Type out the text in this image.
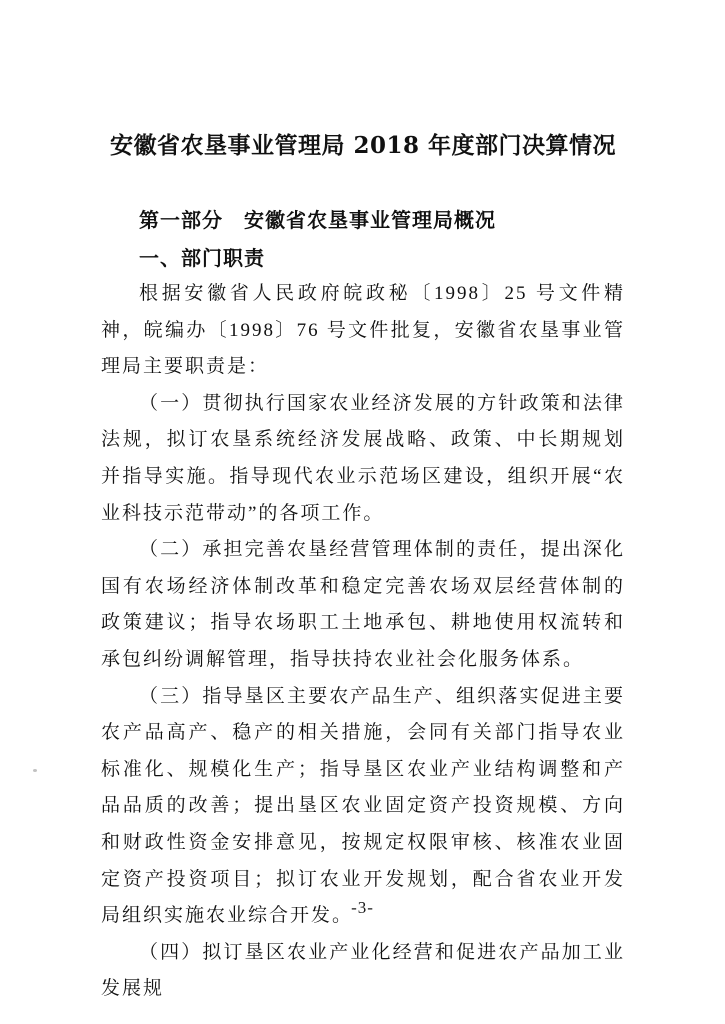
安徽省农垦事业管理局 2018 年度部门决算情况
第一部分　安徽省农垦事业管理局概况
一、部门职责

根据安徽省人民政府皖政秘〔1998〕25 号文件精神，皖编办〔1998〕76 号文件批复，安徽省农垦事业管理局主要职责是：

（一）贯彻执行国家农业经济发展的方针政策和法律法规，拟订农垦系统经济发展战略、政策、中长期规划并指导实施。指导现代农业示范场区建设，组织开展“农业科技示范带动”的各项工作。

（二）承担完善农垦经营管理体制的责任，提出深化国有农场经济体制改革和稳定完善农场双层经营体制的政策建议；指导农场职工土地承包、耕地使用权流转和承包纠纷调解管理，指导扶持农业社会化服务体系。

（三）指导垦区主要农产品生产、组织落实促进主要农产品高产、稳产的相关措施，会同有关部门指导农业标准化、规模化生产；指导垦区农业产业结构调整和产品品质的改善；提出垦区农业固定资产投资规模、方向和财政性资金安排意见，按规定权限审核、核准农业固定资产投资项目；拟订农业开发规划，配合省农业开发局组织实施农业综合开发。

（四）拟订垦区农业产业化经营和促进农产品加工业发展规

-3-
